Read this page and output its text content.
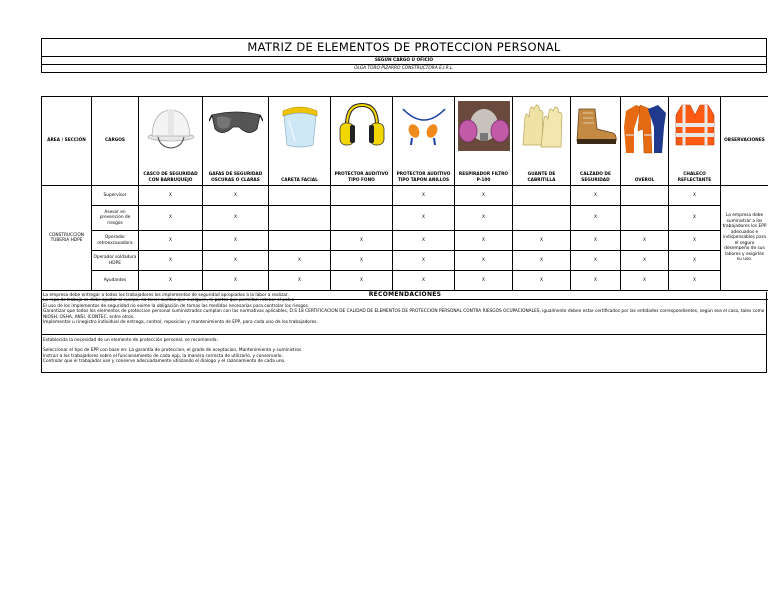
MATRIZ DE ELEMENTOS DE PROTECCION PERSONAL
SEGÚN CARGO U OFICIO
OLGA TORO PIZARRO CONSTRUCTORA E.I.R.L.
ÁREA / SECCIÓN	CARGOS											OBSERVACIONES
		CASCO DE SEGURIDAD CON BARBUQUEJO	GAFAS DE SEGURIDAD OSCURAS O CLARAS	CARETA FACIAL	PROTECTOR AUDITIVO TIPO FONO	PROTECTOR AUDITIVO TIPO TAPON ANILLOS	RESPIRADOR FILTRO P-100	GUANTE DE CABRITILLA	CALZADO DE SEGURIDAD	OVEROL	CHALECO REFLECTANTE	
CONSTRUCCION TUBERIA HDPE	Supervisor	X	X			X	X		X		X	La empresa debe suministrar a los trabajadores los EPP adecuados e indispensables para el seguro desempeño de sus labores y exigirles su uso.
	Asesor en prevencion de riesgos	X	X			X	X		X		X	
	Operador retroexcavadora	X	X		X	X	X	X	X	X	X	
	Operador soldadura HDPE	X	X	X	X	X	X	X	X	X	X	
	Ayudantes	X	X	X	X	X	X	X	X	X	X	
RECOMENDACIONES												

La empresa debe entregar a todos los trabajadores los implementos de seguridad apropiados a la labor a realizar.

La ropa de trabajo se debe ajustar al cuerpo, no tener sueltas que cuelguen, ni partes que permitan retener el polvo

El uso de los implementos de seguridad no exime la obligación de tomas las medidas necesarias para controlar los riesgos.

Garantizar que todos los elementos de proteccion personal suministrados cumplan con las normativas aplicables, D.S 18 CERTIFICACION DE CALIDAD DE ELEMENTOS DE PROTECCION PERSONAL CONTRA RIESGOS OCUPACIONALES, igualmente deben estar certificados por las entidades correspondientes, según sea el caso, tales como NIOSH, OSHA, ANSI, ICONTEC, entre otros.

Implementar u rinegistro individual de entrega, control, reposicion y mantenimiento de EPP, para cada uno de los trabajadores.

Establecida la necesidad de un elemento de protección personal, se recomienda:

Seleccionar el tipo de EPP con base en: La garantía de proteccion, el grado de aceptacion, Mantenimiento y suministros.

Instruir a los trabajadores sobre el funcionamiento de cada epp, la manera correcta de utilizarlo, y conservarlo.

Controlar que el trabajador use y conserve adecuadamente utilizando el dialogo y el razonamiento de cada uno.
